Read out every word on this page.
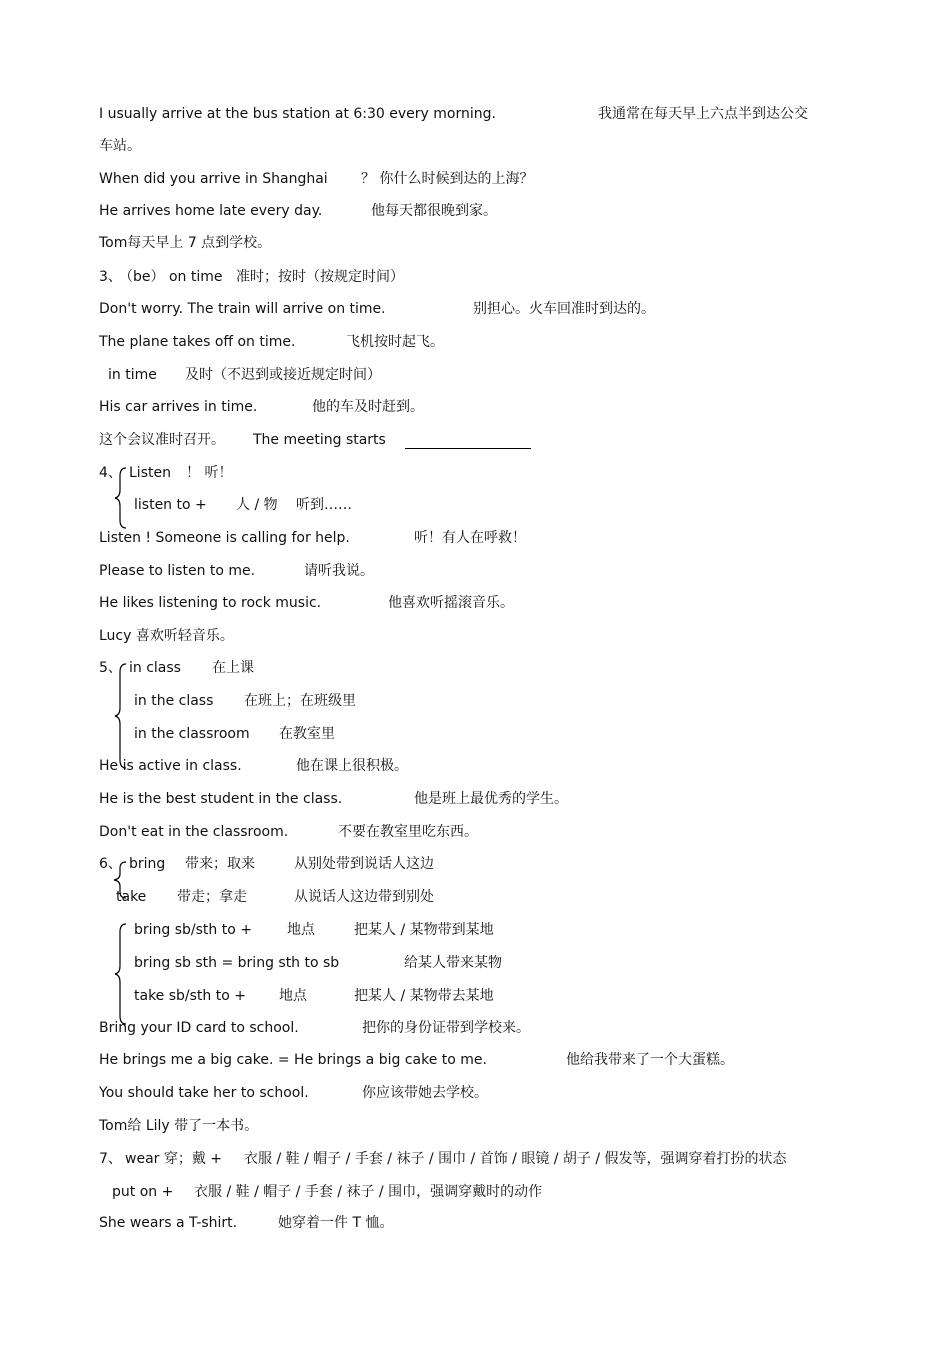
I usually arrive at the bus station at 6:30 every morning.	我通常在每天早上六点半到达公交
车站。
When did you arrive in Shanghai ？ 你什么时候到达的上海？
He arrives home late every day.	他每天都很晚到家。
Tom每天早上 7 点到学校。
3、
（be） on time 准时；按时（按规定时间）
Don't worry. The train will arrive on time.	别担心。火车回准时到达的。
The plane takes off on time.	飞机按时起飞。
in time 及时（不迟到或接近规定时间）
His car arrives in time.	他的车及时赶到。
这个会议准时召开。 The meeting starts
4、 Listen ！ 听！
listen to + 人 / 物 听到……
Listen ! Someone is calling for help.	听！有人在呼救！
Please to listen to me.	请听我说。
He likes listening to rock music.	他喜欢听摇滚音乐。
Lucy 喜欢听轻音乐。
5、 in class 在上课
in the class 在班上；在班级里
in the classroom 在教室里
He is active in class.	他在课上很积极。
He is the best student in the class.	他是班上最优秀的学生。
Don't eat in the classroom.	不要在教室里吃东西。
6、 bring 带来；取来	从别处带到说话人这边
take 带走；拿走	从说话人这边带到别处
bring sb/sth to +	地点	把某人 / 某物带到某地
bring sb sth = bring sth to sb	给某人带来某物
take sb/sth to + 地点	把某人 / 某物带去某地
Bring your ID card to school.	把你的身份证带到学校来。
He brings me a big cake. = He brings a big cake to me.	他给我带来了一个大蛋糕。
You should take her to school.	你应该带她去学校。
Tom给 Lily 带了一本书。
7、 wear 穿；戴 + 衣服 / 鞋 / 帽子 / 手套 / 袜子 / 围巾 / 首饰 / 眼镜 / 胡子 / 假发等，强调穿着打扮的状态
put on + 衣服 / 鞋 / 帽子 / 手套 / 袜子 / 围巾，强调穿戴时的动作
She wears a T-shirt.	她穿着一件 T 恤。
